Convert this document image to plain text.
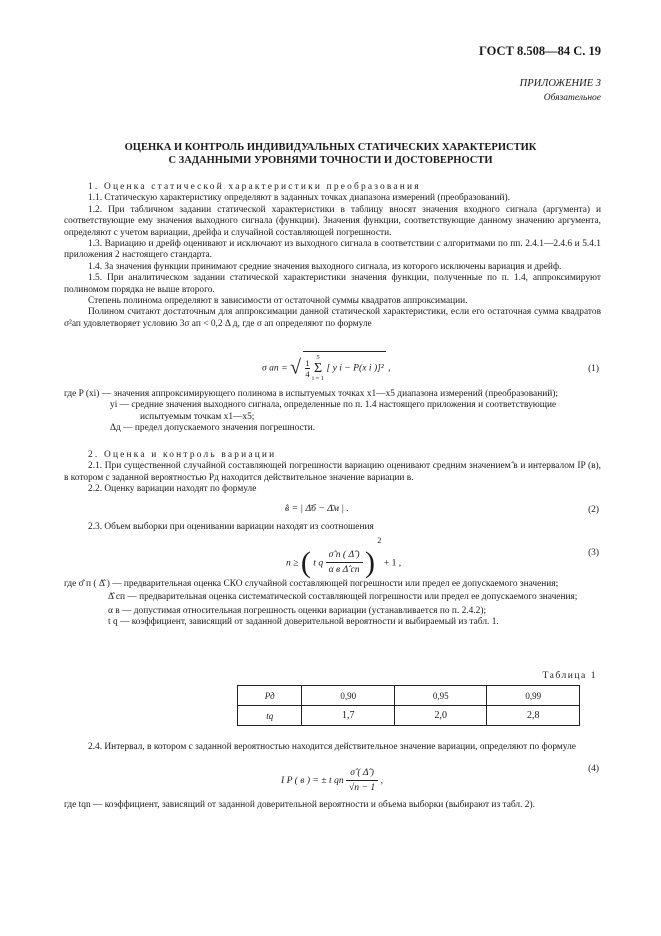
ГОСТ 8.508—84 С. 19
ПРИЛОЖЕНИЕ 3
Обязательное
ОЦЕНКА И КОНТРОЛЬ ИНДИВИДУАЛЬНЫХ СТАТИЧЕСКИХ ХАРАКТЕРИСТИК
С ЗАДАННЫМИ УРОВНЯМИ ТОЧНОСТИ И ДОСТОВЕРНОСТИ
1. Оценка статической характеристики преобразования
1.1. Статическую характеристику определяют в заданных точках диапазона измерений (преобразований).
1.2. При табличном задании статической характеристики в таблицу вносят значения входного сигнала (аргумента) и соответствующие ему значения выходного сигнала (функции). Значения функции, соответствующие данному значению аргумента, определяют с учетом вариации, дрейфа и случайной составляющей погрешности.
1.3. Вариацию и дрейф оценивают и исключают из выходного сигнала в соответствии с алгоритмами по пп. 2.4.1—2.4.6 и 5.4.1 приложения 2 настоящего стандарта.
1.4. За значения функции принимают средние значения выходного сигнала, из которого исключены вариация и дрейф.
1.5. При аналитическом задании статической характеристики значения функции, полученные по п. 1.4, аппроксимируют полиномом порядка не выше второго.
Степень полинома определяют в зависимости от остаточной суммы квадратов аппроксимации.
Полином считают достаточным для аппроксимации данной статической характеристики, если его остаточная сумма квадратов σ²ап удовлетворяет условию 3σ ап < 0,2 Δ д, где σ ап определяют по формуле
σ ап = √ $\frac{1}{4}$

5
Σ
i = 1
[ y i − P(x i )]² ,	(1)
где P (xi) — значения аппроксимирующего полинома в испытуемых точках x1—x5 диапазона измерений (преобразований);
yi — средние значения выходного сигнала, определенные по п. 1.4 настоящего приложения и соответствующие испытуемым точкам x1—x5;
Δд — предел допускаемого значения погрешности.
2. Оценка и контроль вариации
2.1. При существенной случайной составляющей погрешности вариацию оценивают средним значением ̂в и интервалом IP (в), в котором с заданной вероятностью Pд находится действительное значение вариации в.
2.2. Оценку вариации находят по формуле
̂в = | Δ̄б − Δ̄м | .	(2)
2.3. Объем выборки при оценивании вариации находят из соотношения
n ≥ ( t q
σ̂ п ( Δ̂ )
α в Δ̂ сп ) $^2$ + 1 ,
(3)
где σ̂ п ( Δ̂ ) — предварительная оценка СКО случайной составляющей погрешности или предел ее допускаемого значения;
Δ̂ сп — предварительная оценка систематической составляющей погрешности или предел ее допускаемого значения;
α в — допустимая относительная погрешность оценки вариации (устанавливается по п. 2.4.2);
t q — коэффициент, зависящий от заданной доверительной вероятности и выбираемый из табл. 1.
Таблица 1
Pд	0,90	0,95	0,99
tq	1,7	2,0	2,8
2.4. Интервал, в котором с заданной вероятностью находится действительное значение вариации, определяют по формуле
I P ( в ) = ± t qn $\frac{\sigmâ ( \Deltâ )}{√n - 1}$ ,
(4)
где tqn — коэффициент, зависящий от заданной доверительной вероятности и объема выборки (выбирают из табл. 2).
